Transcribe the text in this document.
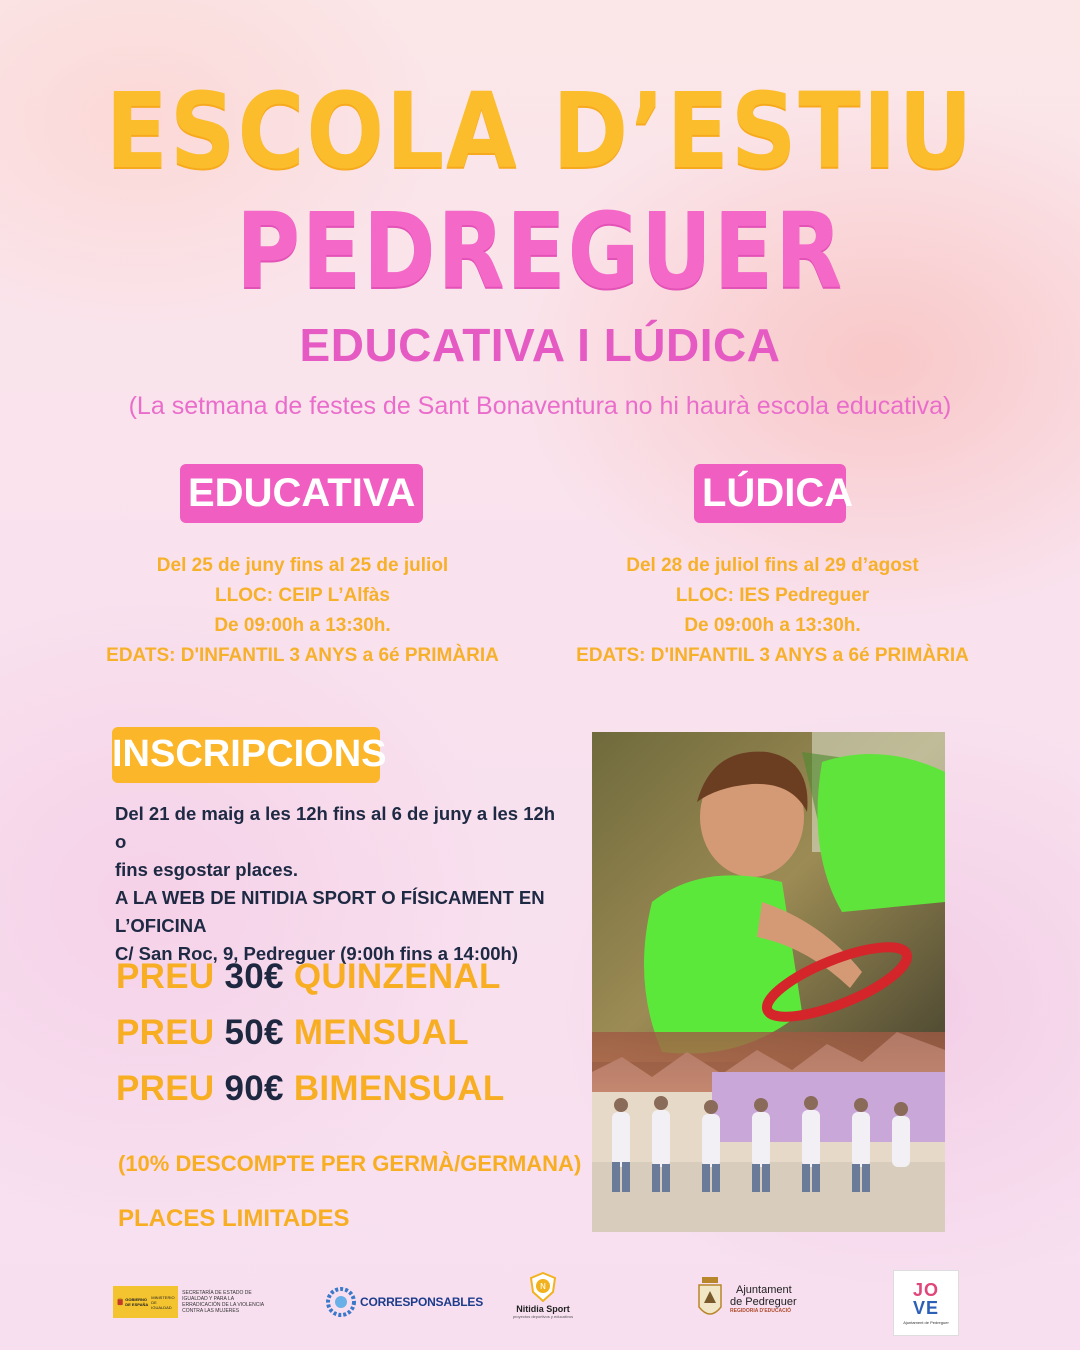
ESCOLA D’ESTIU
PEDREGUER
EDUCATIVA I LÚDICA
(La setmana de festes de Sant Bonaventura no hi haurà escola educativa)
EDUCATIVA
Del 25 de juny fins al 25 de juliol
LLOC: CEIP L’Alfàs
De 09:00h a 13:30h.
EDATS: D'INFANTIL 3 ANYS a 6é PRIMÀRIA
LÚDICA
Del 28 de juliol fins al 29 d’agost
LLOC: IES Pedreguer
De 09:00h a 13:30h.
EDATS: D'INFANTIL 3 ANYS a 6é PRIMÀRIA
INSCRIPCIONS
Del 21 de maig a les 12h fins al 6 de juny a les 12h o
fins esgostar places.
A LA WEB DE NITIDIA SPORT O FÍSICAMENT EN
L’OFICINA
C/ San Roc, 9, Pedreguer (9:00h fins a 14:00h)
PREU 30€ QUINZENAL
PREU 50€ MENSUAL
PREU 90€ BIMENSUAL
(10% DESCOMPTE PER GERMÀ/GERMANA)
PLACES LIMITADES
GOBIERNO DE ESPAÑA
MINISTERIO DE IGUALDAD
SECRETARÍA DE ESTADO DE IGUALDAD Y PARA LA ERRADICACIÓN DE LA VIOLENCIA CONTRA LAS MUJERES
CORRESPONSABLES
N
Nitidia Sport
proyectos deportivos y educativos
Ajuntament
de Pedreguer
REGIDORIA D'EDUCACIÓ
JO
VE
Ajuntament de Pedreguer
